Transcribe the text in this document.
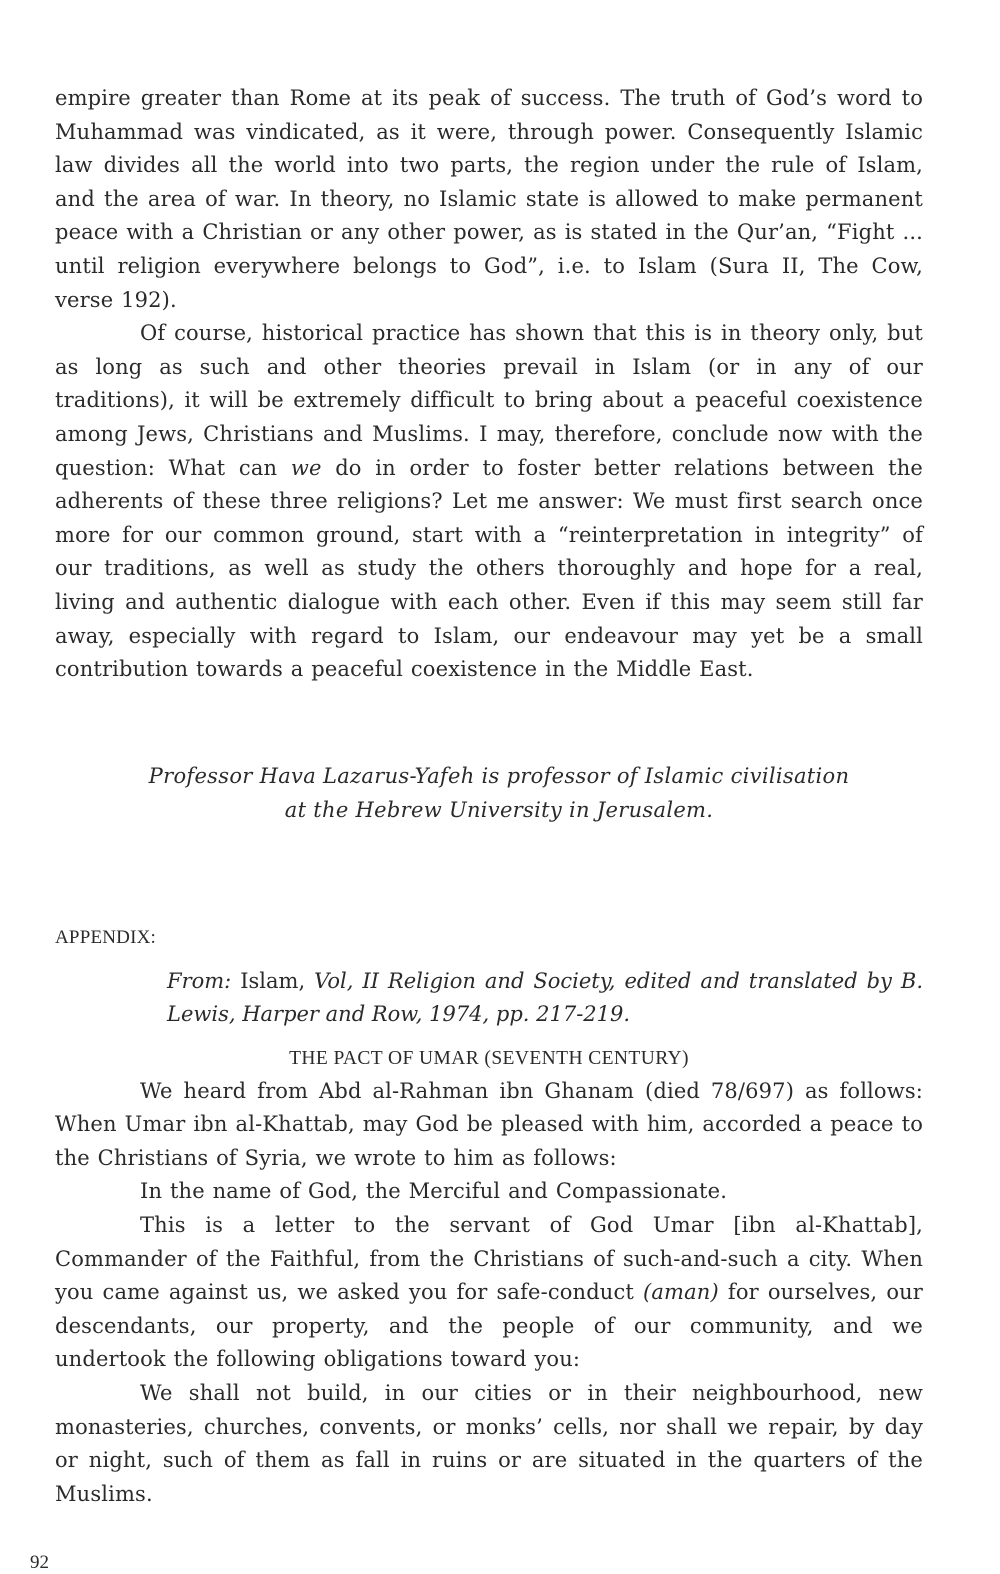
empire greater than Rome at its peak of success. The truth of God’s word to Muhammad was vindicated, as it were, through power. Consequently Islamic law divides all the world into two parts, the region under the rule of Islam, and the area of war. In theory, no Islamic state is allowed to make permanent peace with a Christian or any other power, as is stated in the Qur’an, “Fight ... until religion everywhere belongs to God”, i.e. to Islam (Sura II, The Cow, verse 192).

Of course, historical practice has shown that this is in theory only, but as long as such and other theories prevail in Islam (or in any of our traditions), it will be extremely difficult to bring about a peaceful coexistence among Jews, Christians and Muslims. I may, therefore, conclude now with the question: What can we do in order to foster better relations between the adherents of these three religions? Let me answer: We must first search once more for our common ground, start with a “reinterpretation in integrity” of our traditions, as well as study the others thoroughly and hope for a real, living and authentic dialogue with each other. Even if this may seem still far away, especially with regard to Islam, our endeavour may yet be a small contribution towards a peaceful coexistence in the Middle East.

Professor Hava Lazarus-Yafeh is professor of Islamic civilisation
at the Hebrew University in Jerusalem.
APPENDIX:
From: Islam, Vol, II Religion and Society, edited and translated by B. Lewis, Harper and Row, 1974, pp. 217-219.
THE PACT OF UMAR (SEVENTH CENTURY)

We heard from Abd al-Rahman ibn Ghanam (died 78/697) as follows: When Umar ibn al-Khattab, may God be pleased with him, accorded a peace to the Christians of Syria, we wrote to him as follows:

In the name of God, the Merciful and Compassionate.

This is a letter to the servant of God Umar [ibn al-Khattab], Commander of the Faithful, from the Christians of such-and-such a city. When you came against us, we asked you for safe-conduct (aman) for ourselves, our descendants, our property, and the people of our community, and we undertook the following obligations toward you:

We shall not build, in our cities or in their neighbourhood, new monasteries, churches, convents, or monks’ cells, nor shall we repair, by day or night, such of them as fall in ruins or are situated in the quarters of the Muslims.

92
